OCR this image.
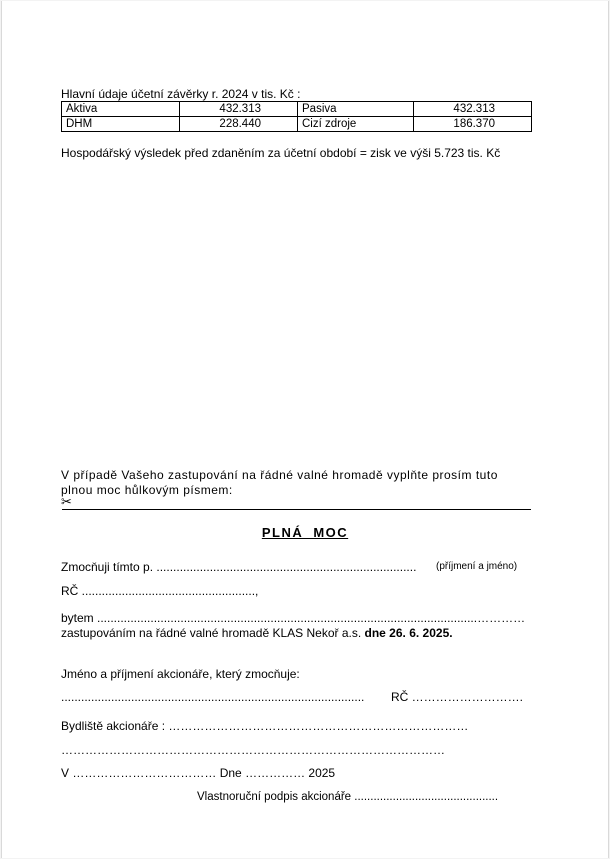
Hlavní údaje účetní závěrky r. 2024 v tis. Kč :
Aktiva	432.313	Pasiva	432.313
DHM	228.440	Cizí zdroje	186.370
Hospodářský výsledek před zdaněním za účetní období = zisk ve výši 5.723 tis. Kč
V případě Vašeho zastupování na řádné valné hromadě vyplňte prosím tuto
plnou moc hůlkovým písmem:
✂
PLNÁ MOC
Zmocňuji tímto p. .............................................................................. (příjmení a jméno)
RČ ....................................................,
bytem ..................................................................................................................…………
zastupováním na řádné valné hromadě KLAS Nekoř a.s. dne 26. 6. 2025.
Jméno a příjmení akcionáře, který zmocňuje:
........................................................................................... RČ ……………………….
Bydliště akcionáře : …………………………………………………………………
……………………………………………………………………………………
V ……………………………… Dne …………… 2025
Vlastnoruční podpis akcionáře .............................................
